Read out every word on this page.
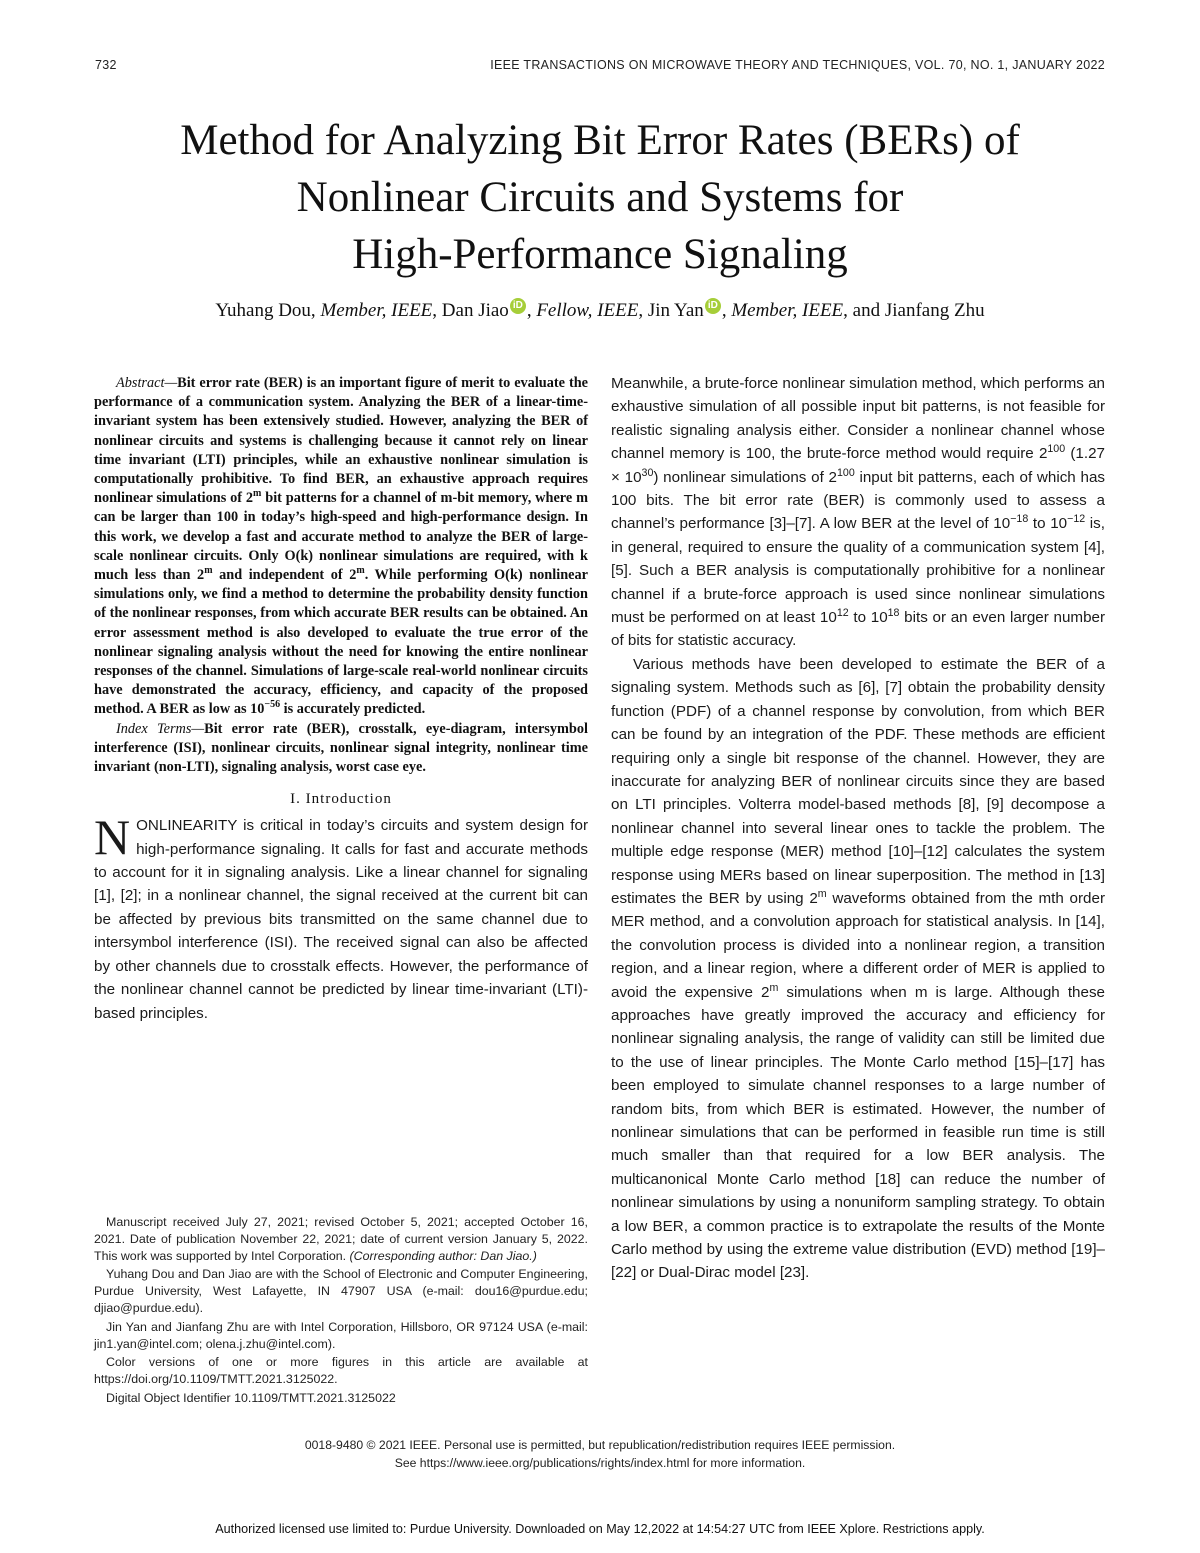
732	IEEE TRANSACTIONS ON MICROWAVE THEORY AND TECHNIQUES, VOL. 70, NO. 1, JANUARY 2022
Method for Analyzing Bit Error Rates (BERs) of
Nonlinear Circuits and Systems for
High-Performance Signaling
Yuhang Dou, Member, IEEE, Dan Jiao iD , Fellow, IEEE, Jin Yan iD , Member, IEEE, and Jianfang Zhu

Abstract—Bit error rate (BER) is an important figure of merit to evaluate the performance of a communication system. Analyzing the BER of a linear-time-invariant system has been extensively studied. However, analyzing the BER of nonlinear circuits and systems is challenging because it cannot rely on linear time invariant (LTI) principles, while an exhaustive nonlinear simulation is computationally prohibitive. To find BER, an exhaustive approach requires nonlinear simulations of 2$^m$ bit patterns for a channel of m-bit memory, where m can be larger than 100 in today’s high-speed and high-performance design. In this work, we develop a fast and accurate method to analyze the BER of large-scale nonlinear circuits. Only O(k) nonlinear simulations are required, with k much less than 2$^m$ and independent of 2$^m$. While performing O(k) nonlinear simulations only, we find a method to determine the probability density function of the nonlinear responses, from which accurate BER results can be obtained. An error assessment method is also developed to evaluate the true error of the nonlinear signaling analysis without the need for knowing the entire nonlinear responses of the channel. Simulations of large-scale real-world nonlinear circuits have demonstrated the accuracy, efficiency, and capacity of the proposed method. A BER as low as $10^{-56}$ is accurately predicted.

Index Terms—Bit error rate (BER), crosstalk, eye-diagram, intersymbol interference (ISI), nonlinear circuits, nonlinear signal integrity, nonlinear time invariant (non-LTI), signaling analysis, worst case eye.

I. Introduction

NONLINEARITY is critical in today’s circuits and system design for high-performance signaling. It calls for fast and accurate methods to account for it in signaling analysis. Like a linear channel for signaling [1], [2]; in a nonlinear channel, the signal received at the current bit can be affected by previous bits transmitted on the same channel due to intersymbol interference (ISI). The received signal can also be affected by other channels due to crosstalk effects. However, the performance of the nonlinear channel cannot be predicted by linear time-invariant (LTI)-based principles.

Manuscript received July 27, 2021; revised October 5, 2021; accepted October 16, 2021. Date of publication November 22, 2021; date of current version January 5, 2022. This work was supported by Intel Corporation. (Corresponding author: Dan Jiao.)

Yuhang Dou and Dan Jiao are with the School of Electronic and Computer Engineering, Purdue University, West Lafayette, IN 47907 USA (e-mail: dou16@purdue.edu; djiao@purdue.edu).

Jin Yan and Jianfang Zhu are with Intel Corporation, Hillsboro, OR 97124 USA (e-mail: jin1.yan@intel.com; olena.j.zhu@intel.com).

Color versions of one or more figures in this article are available at https://doi.org/10.1109/TMTT.2021.3125022.

Digital Object Identifier 10.1109/TMTT.2021.3125022

Meanwhile, a brute-force nonlinear simulation method, which performs an exhaustive simulation of all possible input bit patterns, is not feasible for realistic signaling analysis either. Consider a nonlinear channel whose channel memory is 100, the brute-force method would require $2^{100}$ $(1.27 \times 10^{30})$ nonlinear simulations of $2^{100}$ input bit patterns, each of which has 100 bits. The bit error rate (BER) is commonly used to assess a channel’s performance [3]–[7]. A low BER at the level of $10^{-18}$ to $10^{-12}$ is, in general, required to ensure the quality of a communication system [4], [5]. Such a BER analysis is computationally prohibitive for a nonlinear channel if a brute-force approach is used since nonlinear simulations must be performed on at least $10^{12}$ to $10^{18}$ bits or an even larger number of bits for statistic accuracy.

Various methods have been developed to estimate the BER of a signaling system. Methods such as [6], [7] obtain the probability density function (PDF) of a channel response by convolution, from which BER can be found by an integration of the PDF. These methods are efficient requiring only a single bit response of the channel. However, they are inaccurate for analyzing BER of nonlinear circuits since they are based on LTI principles. Volterra model-based methods [8], [9] decompose a nonlinear channel into several linear ones to tackle the problem. The multiple edge response (MER) method [10]–[12] calculates the system response using MERs based on linear superposition. The method in [13] estimates the BER by using 2$^m$ waveforms obtained from the mth order MER method, and a convolution approach for statistical analysis. In [14], the convolution process is divided into a nonlinear region, a transition region, and a linear region, where a different order of MER is applied to avoid the expensive 2$^m$ simulations when m is large. Although these approaches have greatly improved the accuracy and efficiency for nonlinear signaling analysis, the range of validity can still be limited due to the use of linear principles. The Monte Carlo method [15]–[17] has been employed to simulate channel responses to a large number of random bits, from which BER is estimated. However, the number of nonlinear simulations that can be performed in feasible run time is still much smaller than that required for a low BER analysis. The multicanonical Monte Carlo method [18] can reduce the number of nonlinear simulations by using a nonuniform sampling strategy. To obtain a low BER, a common practice is to extrapolate the results of the Monte Carlo method by using the extreme value distribution (EVD) method [19]–[22] or Dual-Dirac model [23].

0018-9480 © 2021 IEEE. Personal use is permitted, but republication/redistribution requires IEEE permission.
See https://www.ieee.org/publications/rights/index.html for more information.
Authorized licensed use limited to: Purdue University. Downloaded on May 12,2022 at 14:54:27 UTC from IEEE Xplore. Restrictions apply.
